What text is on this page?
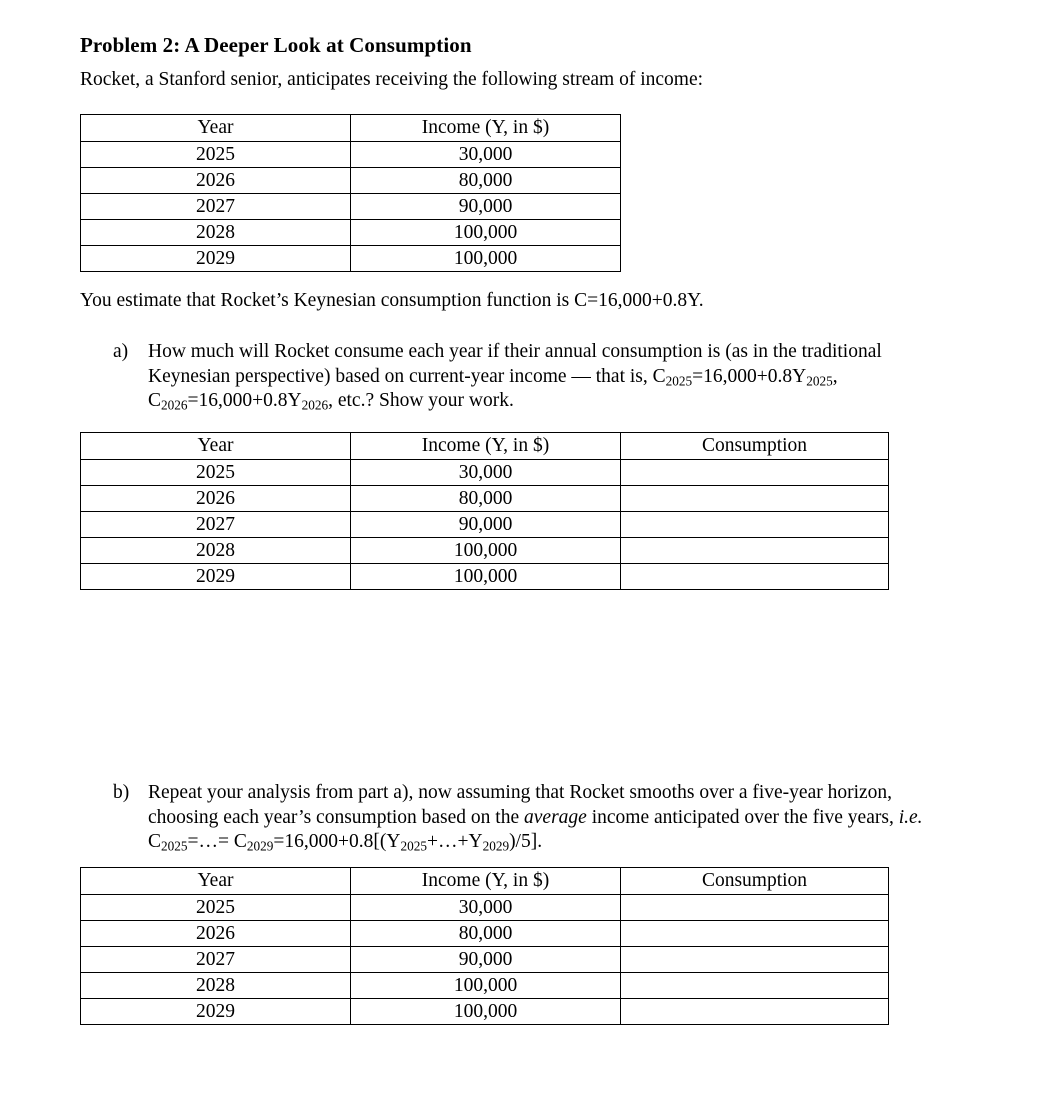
Problem 2: A Deeper Look at Consumption
Rocket, a Stanford senior, anticipates receiving the following stream of income:
Year	Income (Y, in $)
2025	30,000
2026	80,000
2027	90,000
2028	100,000
2029	100,000
You estimate that Rocket’s Keynesian consumption function is C=16,000+0.8Y.
a)	How much will Rocket consume each year if their annual consumption is (as in the traditional Keynesian perspective) based on current-year income — that is, $C_{2025}=16,000+0.8Y_{2025}$, $C_{2026}=16,000+0.8Y_{2026}$, etc.? Show your work.
Year	Income (Y, in $)	Consumption
2025	30,000	
2026	80,000	
2027	90,000	
2028	100,000	
2029	100,000	
b) Repeat your analysis from part a), now assuming that Rocket smooths over a five-year horizon, choosing each year’s consumption based on the average income anticipated over the five years, i.e. $C_{2025}=\dots=$ $C_{2029}=16,000+0.8[(Y_{2025}+\dots+Y_{2029})/5]$.
Year	Income (Y, in $)	Consumption
2025	30,000	
2026	80,000	
2027	90,000	
2028	100,000	
2029	100,000	
